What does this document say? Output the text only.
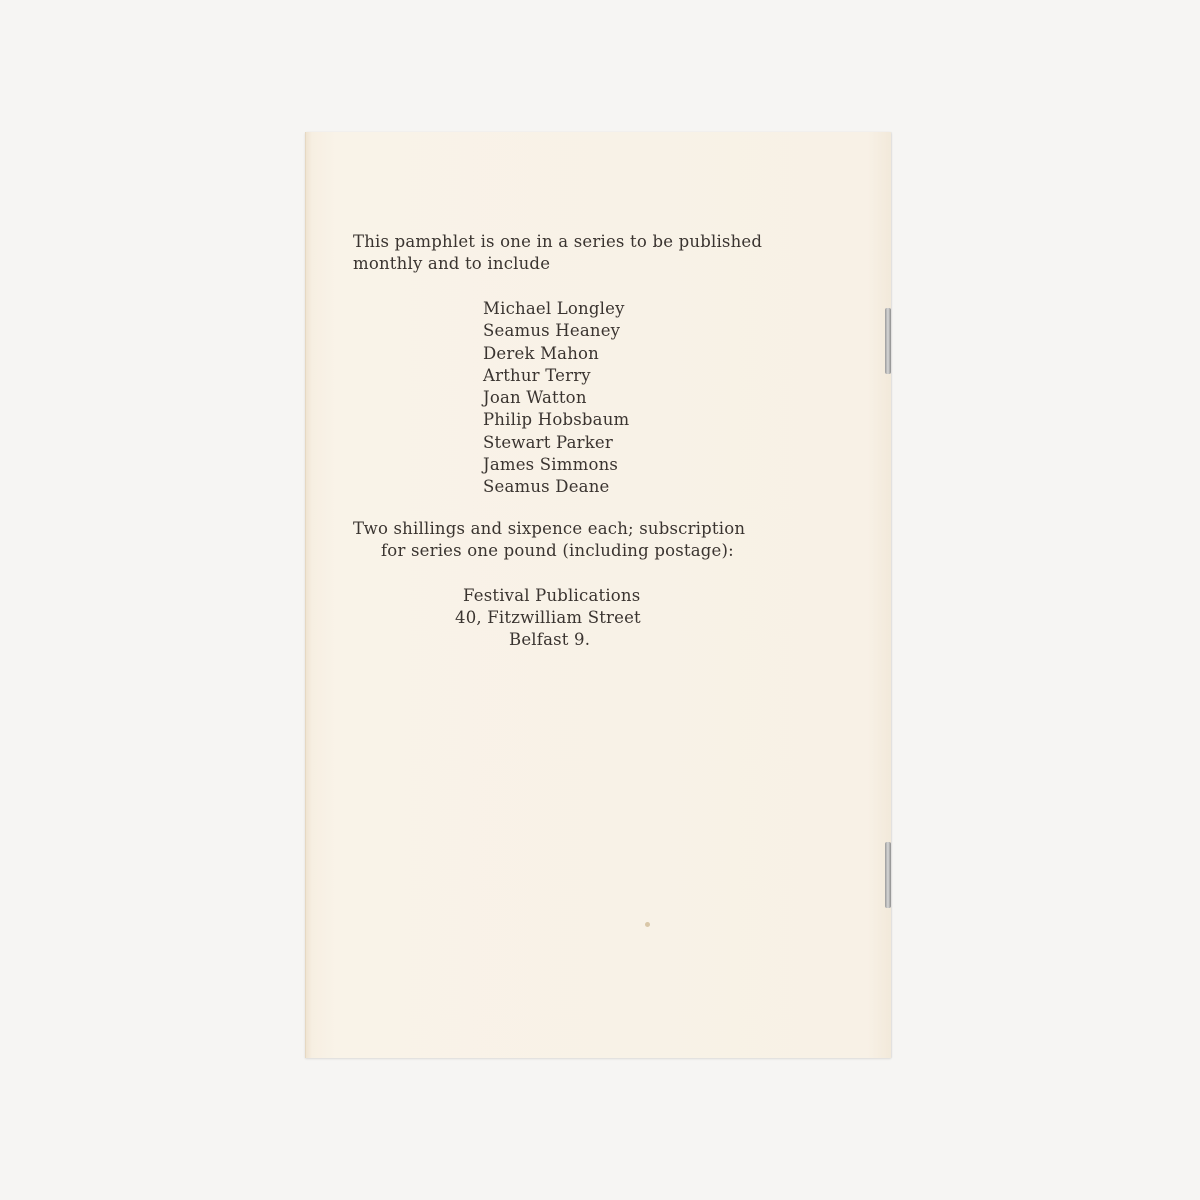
This pamphlet is one in a series to be published
monthly and to include
Michael Longley
Seamus Heaney
Derek Mahon
Arthur Terry
Joan Watton
Philip Hobsbaum
Stewart Parker
James Simmons
Seamus Deane
Two shillings and sixpence each; subscription
for series one pound (including postage):
Festival Publications
40, Fitzwilliam Street
Belfast 9.
